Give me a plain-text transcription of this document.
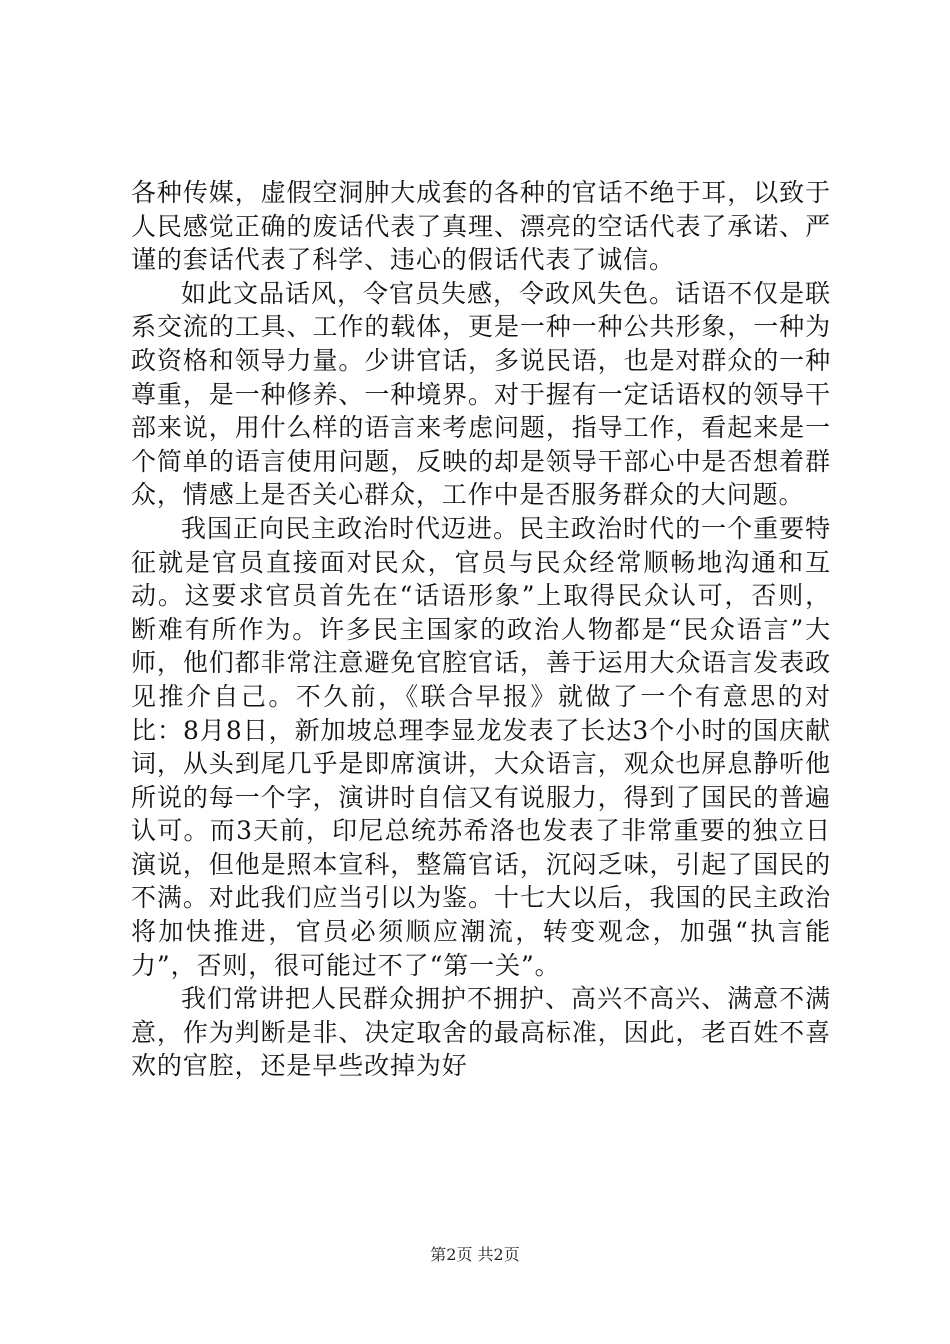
各种传媒，虚假空洞肿大成套的各种的官话不绝于耳，以致于人民感觉正确的废话代表了真理、漂亮的空话代表了承诺、严谨的套话代表了科学、违心的假话代表了诚信。

如此文品话风，令官员失感，令政风失色。话语不仅是联系交流的工具、工作的载体，更是一种一种公共形象，一种为政资格和领导力量。少讲官话，多说民语，也是对群众的一种尊重，是一种修养、一种境界。对于握有一定话语权的领导干部来说，用什么样的语言来考虑问题，指导工作，看起来是一个简单的语言使用问题，反映的却是领导干部心中是否想着群众，情感上是否关心群众，工作中是否服务群众的大问题。

我国正向民主政治时代迈进。民主政治时代的一个重要特征就是官员直接面对民众，官员与民众经常顺畅地沟通和互动。这要求官员首先在“话语形象”上取得民众认可，否则，断难有所作为。许多民主国家的政治人物都是“民众语言”大师，他们都非常注意避免官腔官话，善于运用大众语言发表政见推介自己。不久前，《联合早报》就做了一个有意思的对比：8月8日，新加坡总理李显龙发表了长达3个小时的国庆献词，从头到尾几乎是即席演讲，大众语言，观众也屏息静听他所说的每一个字，演讲时自信又有说服力，得到了国民的普遍认可。而3天前，印尼总统苏希洛也发表了非常重要的独立日演说，但他是照本宣科，整篇官话，沉闷乏味，引起了国民的不满。对此我们应当引以为鉴。十七大以后，我国的民主政治将加快推进，官员必须顺应潮流，转变观念，加强“执言能力”，否则，很可能过不了“第一关”。

我们常讲把人民群众拥护不拥护、高兴不高兴、满意不满意，作为判断是非、决定取舍的最高标准，因此，老百姓不喜欢的官腔，还是早些改掉为好

第2页 共2页
